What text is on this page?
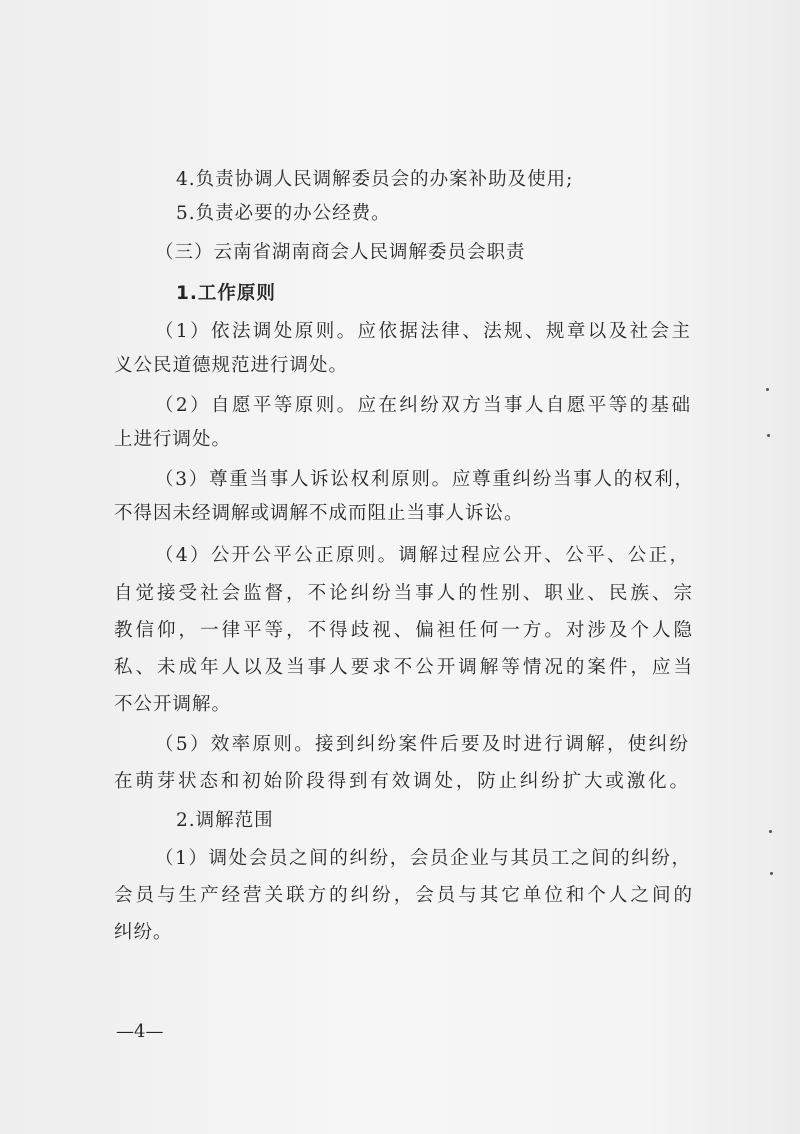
4.负责协调人民调解委员会的办案补助及使用;
5.负责必要的办公经费。
（三）云南省湖南商会人民调解委员会职责
1.工作原则
（1）依法调处原则。应依据法律、法规、规章以及社会主
义公民道德规范进行调处。
（2）自愿平等原则。应在纠纷双方当事人自愿平等的基础
上进行调处。
（3）尊重当事人诉讼权利原则。应尊重纠纷当事人的权利，
不得因未经调解或调解不成而阻止当事人诉讼。
（4）公开公平公正原则。调解过程应公开、公平、公正，
自觉接受社会监督，不论纠纷当事人的性别、职业、民族、宗
教信仰，一律平等，不得歧视、偏袒任何一方。对涉及个人隐
私、未成年人以及当事人要求不公开调解等情况的案件，应当
不公开调解。
（5）效率原则。接到纠纷案件后要及时进行调解，使纠纷
在萌芽状态和初始阶段得到有效调处，防止纠纷扩大或激化。
2.调解范围
（1）调处会员之间的纠纷，会员企业与其员工之间的纠纷，
会员与生产经营关联方的纠纷，会员与其它单位和个人之间的
纠纷。
—4—
